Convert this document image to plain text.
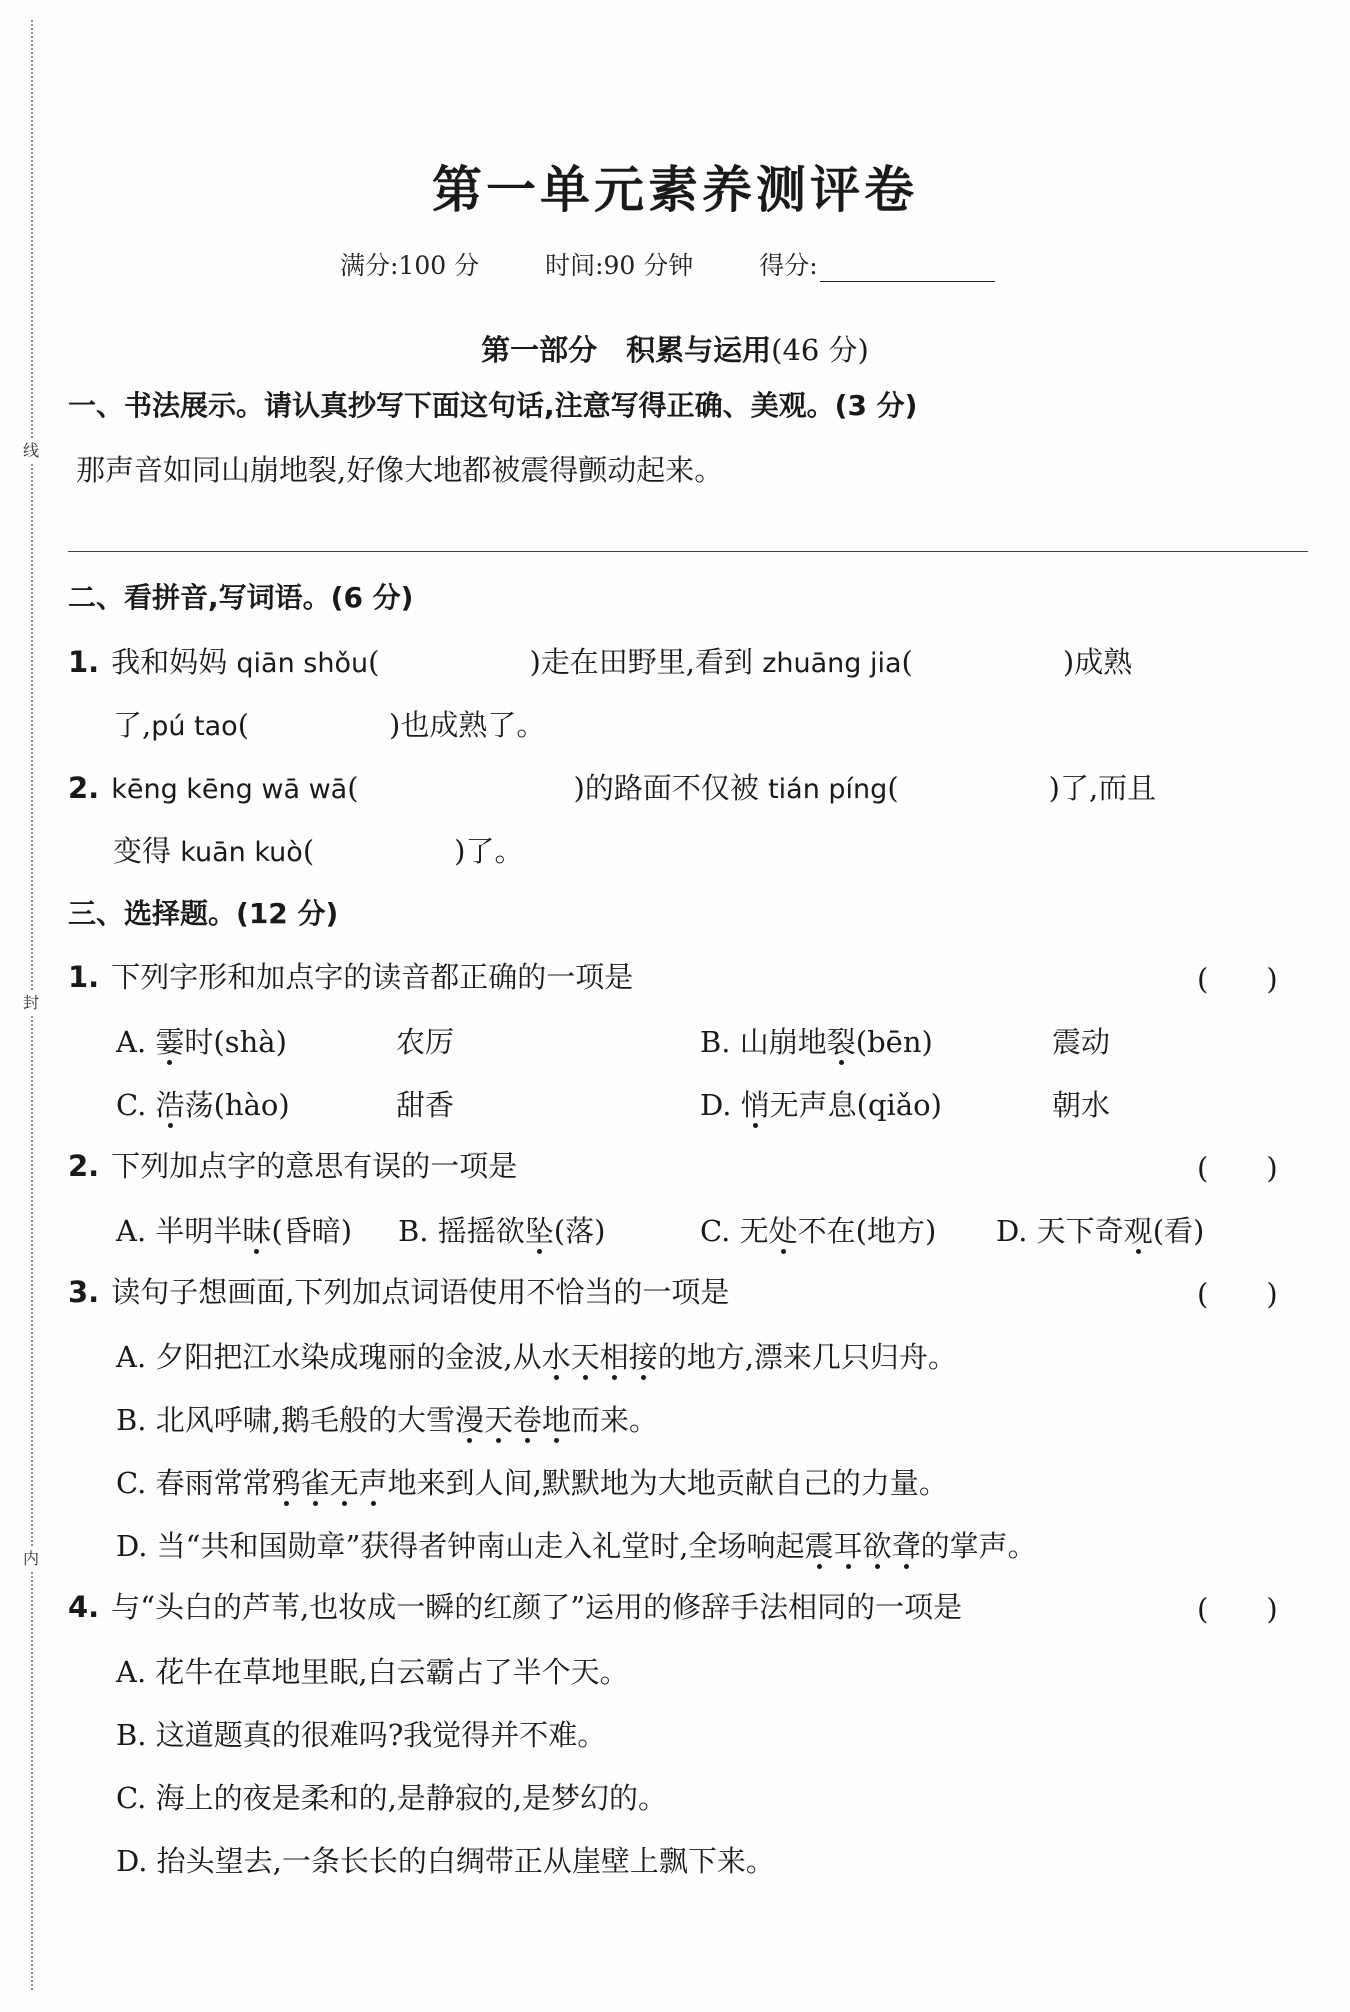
线
封
内
第一单元素养测评卷
满分:100 分	时间:90 分钟	得分:
第一部分　积累与运用(46 分)
一、书法展示。请认真抄写下面这句话,注意写得正确、美观。(3 分)
那声音如同山崩地裂,好像大地都被震得颤动起来。
二、看拼音,写词语。(6 分)
1. 我和妈妈 qiān shǒu(	)走在田野里,看到 zhuāng jia(	)成熟
了,pú tao(	)也成熟了。
2. kēng kēng wā wā(	)的路面不仅被 tián píng(	)了,而且
变得 kuān kuò(	)了。
三、选择题。(12 分)
1. 下列字形和加点字的读音都正确的一项是	(　　)
A. 霎时(shà)	农厉	B. 山崩地裂(bēn)	震动
C. 浩荡(hào)	甜香	D. 悄无声息(qiǎo)	朝水
2. 下列加点字的意思有误的一项是	(　　)
A. 半明半昧(昏暗) B. 摇摇欲坠(落)	C. 无处不在(地方) D. 天下奇观(看)
3. 读句子想画面,下列加点词语使用不恰当的一项是	(　　)
A. 夕阳把江水染成瑰丽的金波,从水天相接的地方,漂来几只归舟。
B. 北风呼啸,鹅毛般的大雪漫天卷地而来。
C. 春雨常常鸦雀无声地来到人间,默默地为大地贡献自己的力量。
D. 当“共和国勋章”获得者钟南山走入礼堂时,全场响起震耳欲聋的掌声。
4. 与“头白的芦苇,也妆成一瞬的红颜了”运用的修辞手法相同的一项是	(　　)
A. 花牛在草地里眠,白云霸占了半个天。
B. 这道题真的很难吗?我觉得并不难。
C. 海上的夜是柔和的,是静寂的,是梦幻的。
D. 抬头望去,一条长长的白绸带正从崖壁上飘下来。
